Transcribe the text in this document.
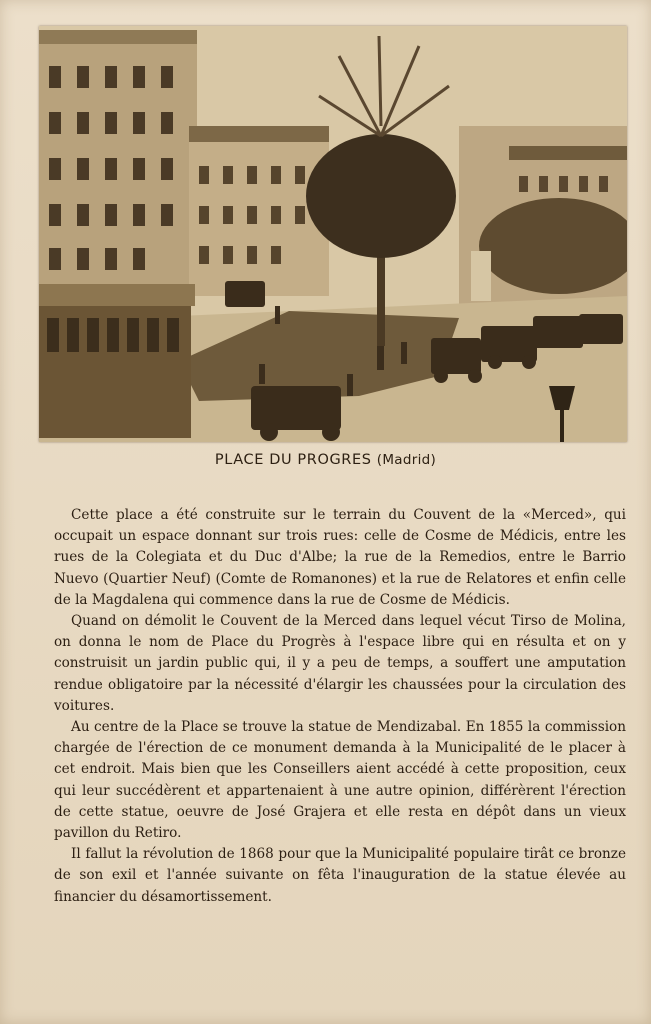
PLACE DU PROGRES (Madrid)

Cette place a été construite sur le terrain du Couvent de la «Merced», qui occupait un espace donnant sur trois rues: celle de Cosme de Médicis, entre les rues de la Colegiata et du Duc d'Albe; la rue de la Remedios, entre le Barrio Nuevo (Quartier Neuf) (Comte de Romanones) et la rue de Relatores et enfin celle de la Magdalena qui commence dans la rue de Cosme de Médicis.

Quand on démolit le Couvent de la Merced dans lequel vécut Tirso de Molina, on donna le nom de Place du Progrès à l'espace libre qui en résulta et on y construisit un jardin public qui, il y a peu de temps, a souffert une amputation rendue obligatoire par la nécessité d'élargir les chaussées pour la circulation des voitures.

Au centre de la Place se trouve la statue de Mendizabal. En 1855 la commission chargée de l'érection de ce monument demanda à la Municipalité de le placer à cet endroit. Mais bien que les Conseillers aient accédé à cette proposition, ceux qui leur succédèrent et appartenaient à une autre opinion, différèrent l'érection de cette statue, oeuvre de José Grajera et elle resta en dépôt dans un vieux pavillon du Retiro.

Il fallut la révolution de 1868 pour que la Municipalité populaire tirât ce bronze de son exil et l'année suivante on fêta l'inauguration de la statue élevée au financier du désamortissement.
